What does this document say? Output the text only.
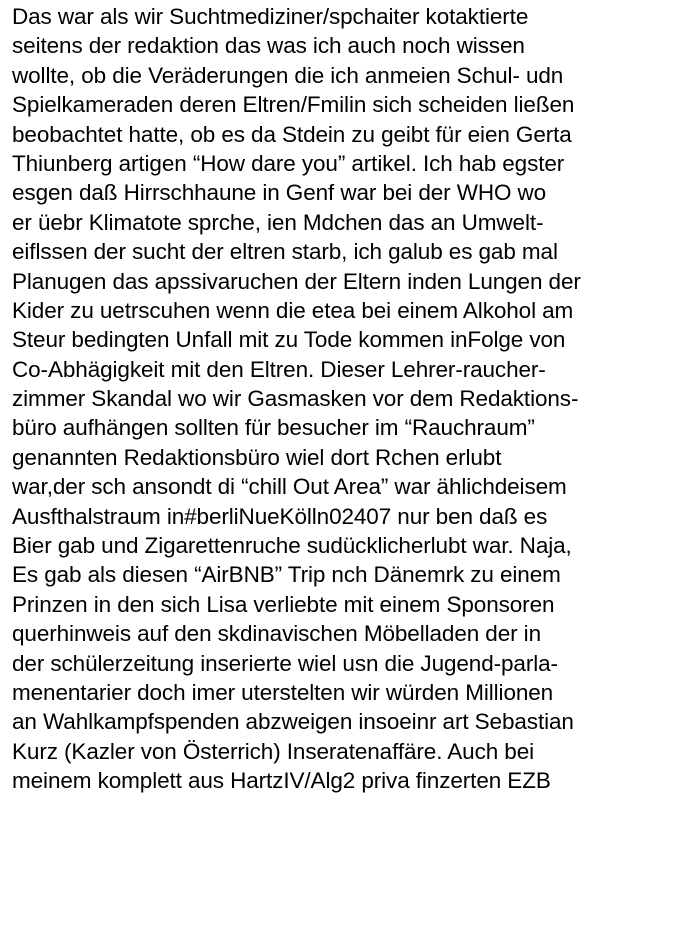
Das war als wir Suchtmediziner/spchaiter kotaktierte
seitens der redaktion das was ich auch noch wissen
wollte, ob die Veräderungen die ich anmeien Schul- udn
Spielkameraden deren Eltren/Fmilin sich scheiden ließen
beobachtet hatte, ob es da Stdein zu geibt für eien Gerta
Thiunberg artigen “How dare you” artikel. Ich hab egster
esgen daß Hirrschhaune in Genf war bei der WHO wo
er üebr Klimatote sprche, ien Mdchen das an Umwelt-
eiflssen der sucht der eltren starb, ich galub es gab mal
Planugen das apssivaruchen der Eltern inden Lungen der
Kider zu uetrscuhen wenn die etea bei einem Alkohol am
Steur bedingten Unfall mit zu Tode kommen inFolge von
Co-Abhägigkeit mit den Eltren. Dieser Lehrer-raucher-
zimmer Skandal wo wir Gasmasken vor dem Redaktions-
büro aufhängen sollten für besucher im “Rauchraum”
genannten Redaktionsbüro wiel dort Rchen erlubt
war,der sch ansondt di “chill Out Area” war ählichdeisem
Ausfthalstraum in#berliNueKölln02407 nur ben daß es
Bier gab und Zigarettenruche sudücklicherlubt war. Naja,
Es gab als diesen “AirBNB” Trip nch Dänemrk zu einem
Prinzen in den sich Lisa verliebte mit einem Sponsoren
querhinweis auf den skdinavischen Möbelladen der in
der schülerzeitung inserierte wiel usn die Jugend-parla-
menentarier doch imer uterstelten wir würden Millionen
an Wahlkampfspenden abzweigen insoeinr art Sebastian
Kurz (Kazler von Österrich) Inseratenaffäre. Auch bei
meinem komplett aus HartzIV/Alg2 priva finzerten EZB
